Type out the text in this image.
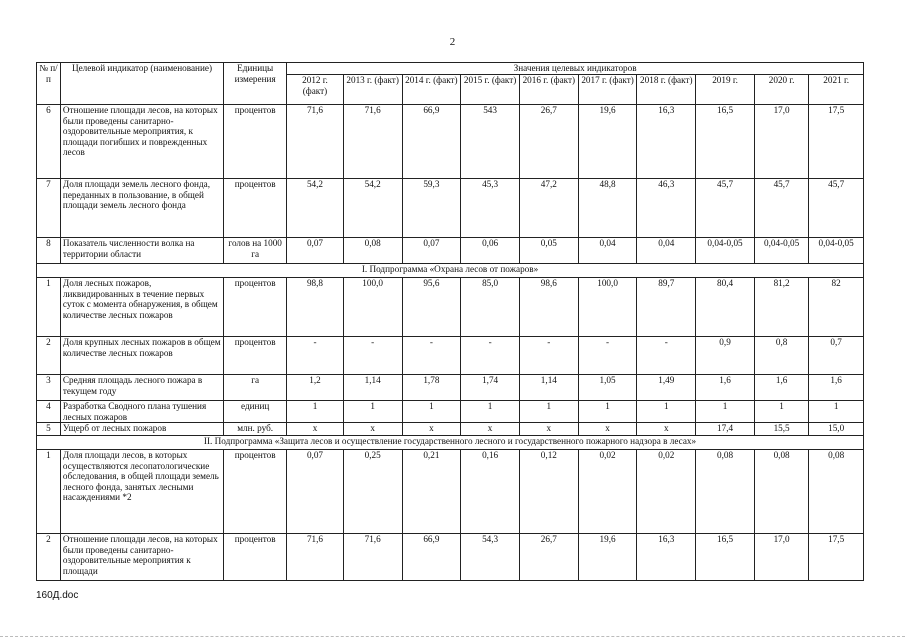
2
№ п/п	Целевой индикатор (наименование)	Единицы измерения	Значения целевых индикаторов									
			2012 г. (факт)	2013 г. (факт)	2014 г. (факт)	2015 г. (факт)	2016 г. (факт)	2017 г. (факт)	2018 г. (факт)	2019 г.	2020 г.	2021 г.
6	Отношение площади лесов, на которых были проведены санитарно-оздоровительные мероприятия, к площади погибших и поврежденных лесов	процентов	71,6	71,6	66,9	543	26,7	19,6	16,3	16,5	17,0	17,5
7	Доля площади земель лесного фонда, переданных в пользование, в общей площади земель лесного фонда	процентов	54,2	54,2	59,3	45,3	47,2	48,8	46,3	45,7	45,7	45,7
8	Показатель численности волка на территории области	голов на 1000 га	0,07	0,08	0,07	0,06	0,05	0,04	0,04	0,04-0,05	0,04-0,05	0,04-0,05
I. Подпрограмма «Охрана лесов от пожаров»												
1	Доля лесных пожаров, ликвидированных в течение первых суток с момента обнаружения, в общем количестве лесных пожаров	процентов	98,8	100,0	95,6	85,0	98,6	100,0	89,7	80,4	81,2	82
2	Доля крупных лесных пожаров в общем количестве лесных пожаров	процентов	-	-	-	-	-	-	-	0,9	0,8	0,7
3	Средняя площадь лесного пожара в текущем году	га	1,2	1,14	1,78	1,74	1,14	1,05	1,49	1,6	1,6	1,6
4	Разработка Сводного плана тушения лесных пожаров	единиц	1	1	1	1	1	1	1	1	1	1
5	Ущерб от лесных пожаров	млн. руб.	х	х	х	х	х	х	х	17,4	15,5	15,0
II. Подпрограмма «Защита лесов и осуществление государственного лесного и государственного пожарного надзора в лесах»												
1	Доля площади лесов, в которых осуществляются лесопатологические обследования, в общей площади земель лесного фонда, занятых лесными насаждениями *2	процентов	0,07	0,25	0,21	0,16	0,12	0,02	0,02	0,08	0,08	0,08
2	Отношение площади лесов, на которых были проведены санитарно-оздоровительные мероприятия к площади	процентов	71,6	71,6	66,9	54,3	26,7	19,6	16,3	16,5	17,0	17,5
160Д.doc
